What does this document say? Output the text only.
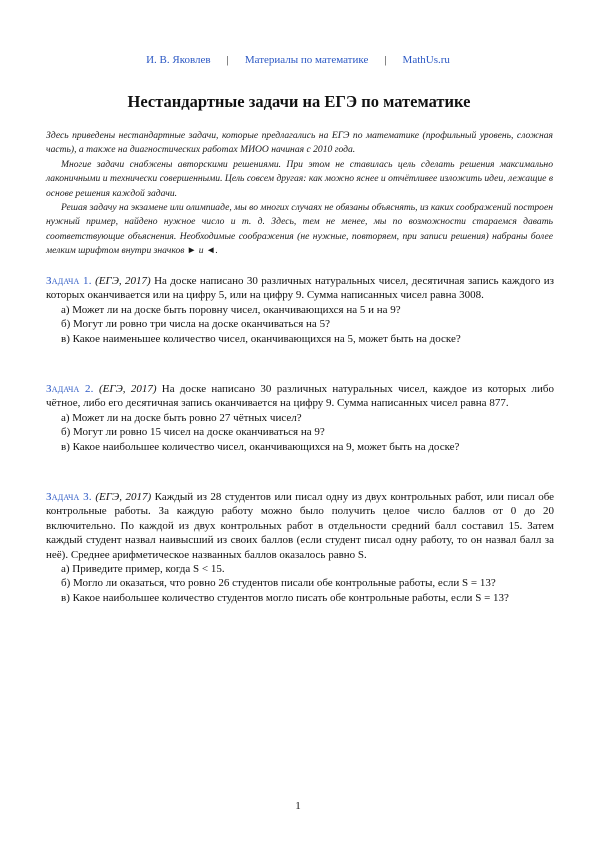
И. В. Яковлев | Материалы по математике | MathUs.ru
Нестандартные задачи на ЕГЭ по математике

Здесь приведены нестандартные задачи, которые предлагались на ЕГЭ по математике (профильный уровень, сложная часть), а также на диагностических работах МИОО начиная с 2010 года.

Многие задачи снабжены авторскими решениями. При этом не ставилась цель сделать решения максимально лаконичными и технически совершенными. Цель совсем другая: как можно яснее и отчётливее изложить идеи, лежащие в основе решения каждой задачи.

Решая задачу на экзамене или олимпиаде, мы во многих случаях не обязаны объяснять, из каких соображений построен нужный пример, найдено нужное число и т. д. Здесь, тем не менее, мы по возможности стараемся давать соответствующие объяснения. Необходимые соображения (не нужные, повторяем, при записи решения) набраны более мелким шрифтом внутри значков ► и ◄.

Задача 1. (ЕГЭ, 2017) На доске написано 30 различных натуральных чисел, десятичная запись каждого из которых оканчивается или на цифру 5, или на цифру 9. Сумма написанных чисел равна 3008.

а) Может ли на доске быть поровну чисел, оканчивающихся на 5 и на 9?

б) Могут ли ровно три числа на доске оканчиваться на 5?

в) Какое наименьшее количество чисел, оканчивающихся на 5, может быть на доске?

Задача 2. (ЕГЭ, 2017) На доске написано 30 различных натуральных чисел, каждое из которых либо чётное, либо его десятичная запись оканчивается на цифру 9. Сумма написанных чисел равна 877.

а) Может ли на доске быть ровно 27 чётных чисел?

б) Могут ли ровно 15 чисел на доске оканчиваться на 9?

в) Какое наибольшее количество чисел, оканчивающихся на 9, может быть на доске?

Задача 3. (ЕГЭ, 2017) Каждый из 28 студентов или писал одну из двух контрольных работ, или писал обе контрольные работы. За каждую работу можно было получить целое число баллов от 0 до 20 включительно. По каждой из двух контрольных работ в отдельности средний балл составил 15. Затем каждый студент назвал наивысший из своих баллов (если студент писал одну работу, то он назвал балл за неё). Среднее арифметическое названных баллов оказалось равно S.

а) Приведите пример, когда S < 15.

б) Могло ли оказаться, что ровно 26 студентов писали обе контрольные работы, если S = 13?

в) Какое наибольшее количество студентов могло писать обе контрольные работы, если S = 13?

1
